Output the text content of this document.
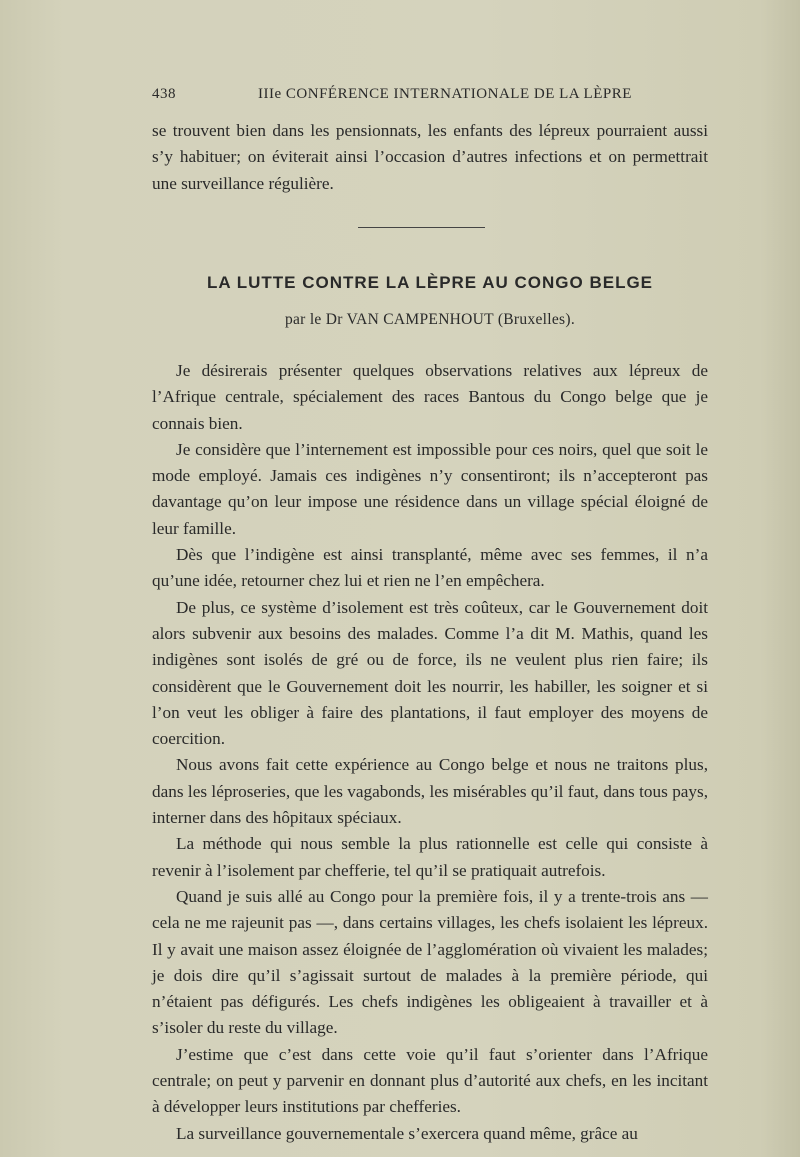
438	IIIe CONFÉRENCE INTERNATIONALE DE LA LÈPRE

se trouvent bien dans les pensionnats, les enfants des lépreux pourraient aussi s’y habituer; on éviterait ainsi l’occasion d’autres infections et on permettrait une surveillance régulière.

LA LUTTE CONTRE LA LÈPRE AU CONGO BELGE
par le Dr VAN CAMPENHOUT (Bruxelles).

Je désirerais présenter quelques observations relatives aux lépreux de l’Afrique centrale, spécialement des races Bantous du Congo belge que je connais bien.

Je considère que l’internement est impossible pour ces noirs, quel que soit le mode employé. Jamais ces indigènes n’y consentiront; ils n’accepteront pas davantage qu’on leur impose une résidence dans un village spécial éloigné de leur famille.

Dès que l’indigène est ainsi transplanté, même avec ses femmes, il n’a qu’une idée, retourner chez lui et rien ne l’en empêchera.

De plus, ce système d’isolement est très coûteux, car le Gouvernement doit alors subvenir aux besoins des malades. Comme l’a dit M. Mathis, quand les indigènes sont isolés de gré ou de force, ils ne veulent plus rien faire; ils considèrent que le Gouvernement doit les nourrir, les habiller, les soigner et si l’on veut les obliger à faire des plantations, il faut employer des moyens de coercition.

Nous avons fait cette expérience au Congo belge et nous ne traitons plus, dans les léproseries, que les vagabonds, les misérables qu’il faut, dans tous pays, interner dans des hôpitaux spéciaux.

La méthode qui nous semble la plus rationnelle est celle qui consiste à revenir à l’isolement par chefferie, tel qu’il se pratiquait autrefois.

Quand je suis allé au Congo pour la première fois, il y a trente-trois ans — cela ne me rajeunit pas —, dans certains villages, les chefs isolaient les lépreux. Il y avait une maison assez éloignée de l’agglomération où vivaient les malades; je dois dire qu’il s’agissait surtout de malades à la première période, qui n’étaient pas défigurés. Les chefs indigènes les obligeaient à travailler et à s’isoler du reste du village.

J’estime que c’est dans cette voie qu’il faut s’orienter dans l’Afrique centrale; on peut y parvenir en donnant plus d’autorité aux chefs, en les incitant à développer leurs institutions par chefferies.

La surveillance gouvernementale s’exercera quand même, grâce au
